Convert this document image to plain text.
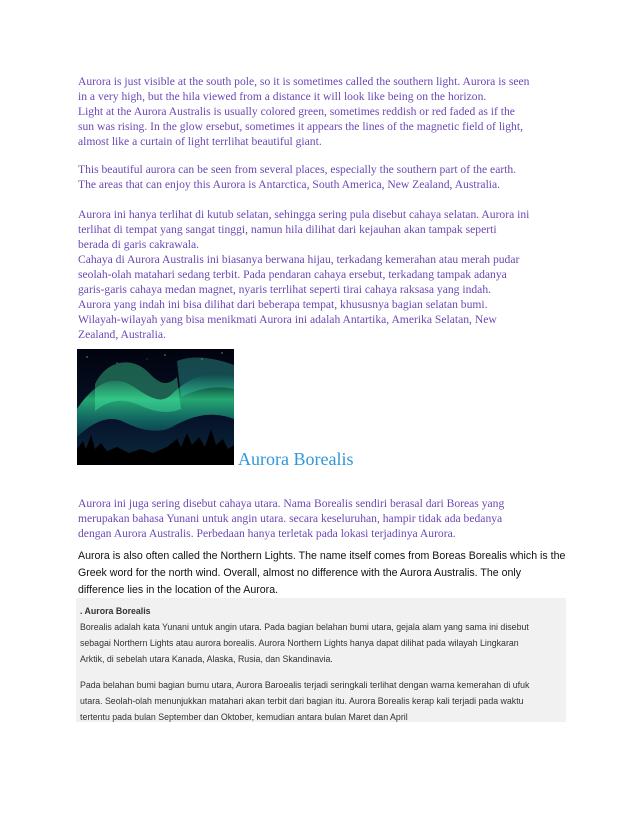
Aurora is just visible at the south pole, so it is sometimes called the southern light. Aurora is seen

in a very high, but the hila viewed from a distance it will look like being on the horizon.

Light at the Aurora Australis is usually colored green, sometimes reddish or red faded as if the

sun was rising. In the glow ersebut, sometimes it appears the lines of the magnetic field of light,

almost like a curtain of light terrlihat beautiful giant.

This beautiful aurora can be seen from several places, especially the southern part of the earth.

The areas that can enjoy this Aurora is Antarctica, South America, New Zealand, Australia.

Aurora ini hanya terlihat di kutub selatan, sehingga sering pula disebut cahaya selatan. Aurora ini

terlihat di tempat yang sangat tinggi, namun hila dilihat dari kejauhan akan tampak seperti

berada di garis cakrawala.

Cahaya di Aurora Australis ini biasanya berwana hijau, terkadang kemerahan atau merah pudar

seolah-olah matahari sedang terbit. Pada pendaran cahaya ersebut, terkadang tampak adanya

garis-garis cahaya medan magnet, nyaris terrlihat seperti tirai cahaya raksasa yang indah.

Aurora yang indah ini bisa dilihat dari beberapa tempat, khususnya bagian selatan bumi.

Wilayah-wilayah yang bisa menikmati Aurora ini adalah Antartika, Amerika Selatan, New

Zealand, Australia.

Aurora Borealis

Aurora ini juga sering disebut cahaya utara. Nama Borealis sendiri berasal dari Boreas yang

merupakan bahasa Yunani untuk angin utara. secara keseluruhan, hampir tidak ada bedanya

dengan Aurora Australis. Perbedaan hanya terletak pada lokasi terjadinya Aurora.

Aurora is also often called the Northern Lights. The name itself comes from Boreas Borealis which is the

Greek word for the north wind. Overall, almost no difference with the Aurora Australis. The only

difference lies in the location of the Aurora.

. Aurora Borealis

Borealis adalah kata Yunani untuk angin utara. Pada bagian belahan bumi utara, gejala alam yang sama ini disebut

sebagai Northern Lights atau aurora borealis. Aurora Northern Lights hanya dapat dilihat pada wilayah Lingkaran

Arktik, di sebelah utara Kanada, Alaska, Rusia, dan Skandinavia.

Pada belahan bumi bagian bumu utara, Aurora Baroealis terjadi seringkali terlihat dengan warna kemerahan di ufuk

utara. Seolah-olah menunjukkan matahari akan terbit dari bagian itu. Aurora Borealis kerap kali terjadi pada waktu

tertentu pada bulan September dan Oktober, kemudian antara bulan Maret dan April
